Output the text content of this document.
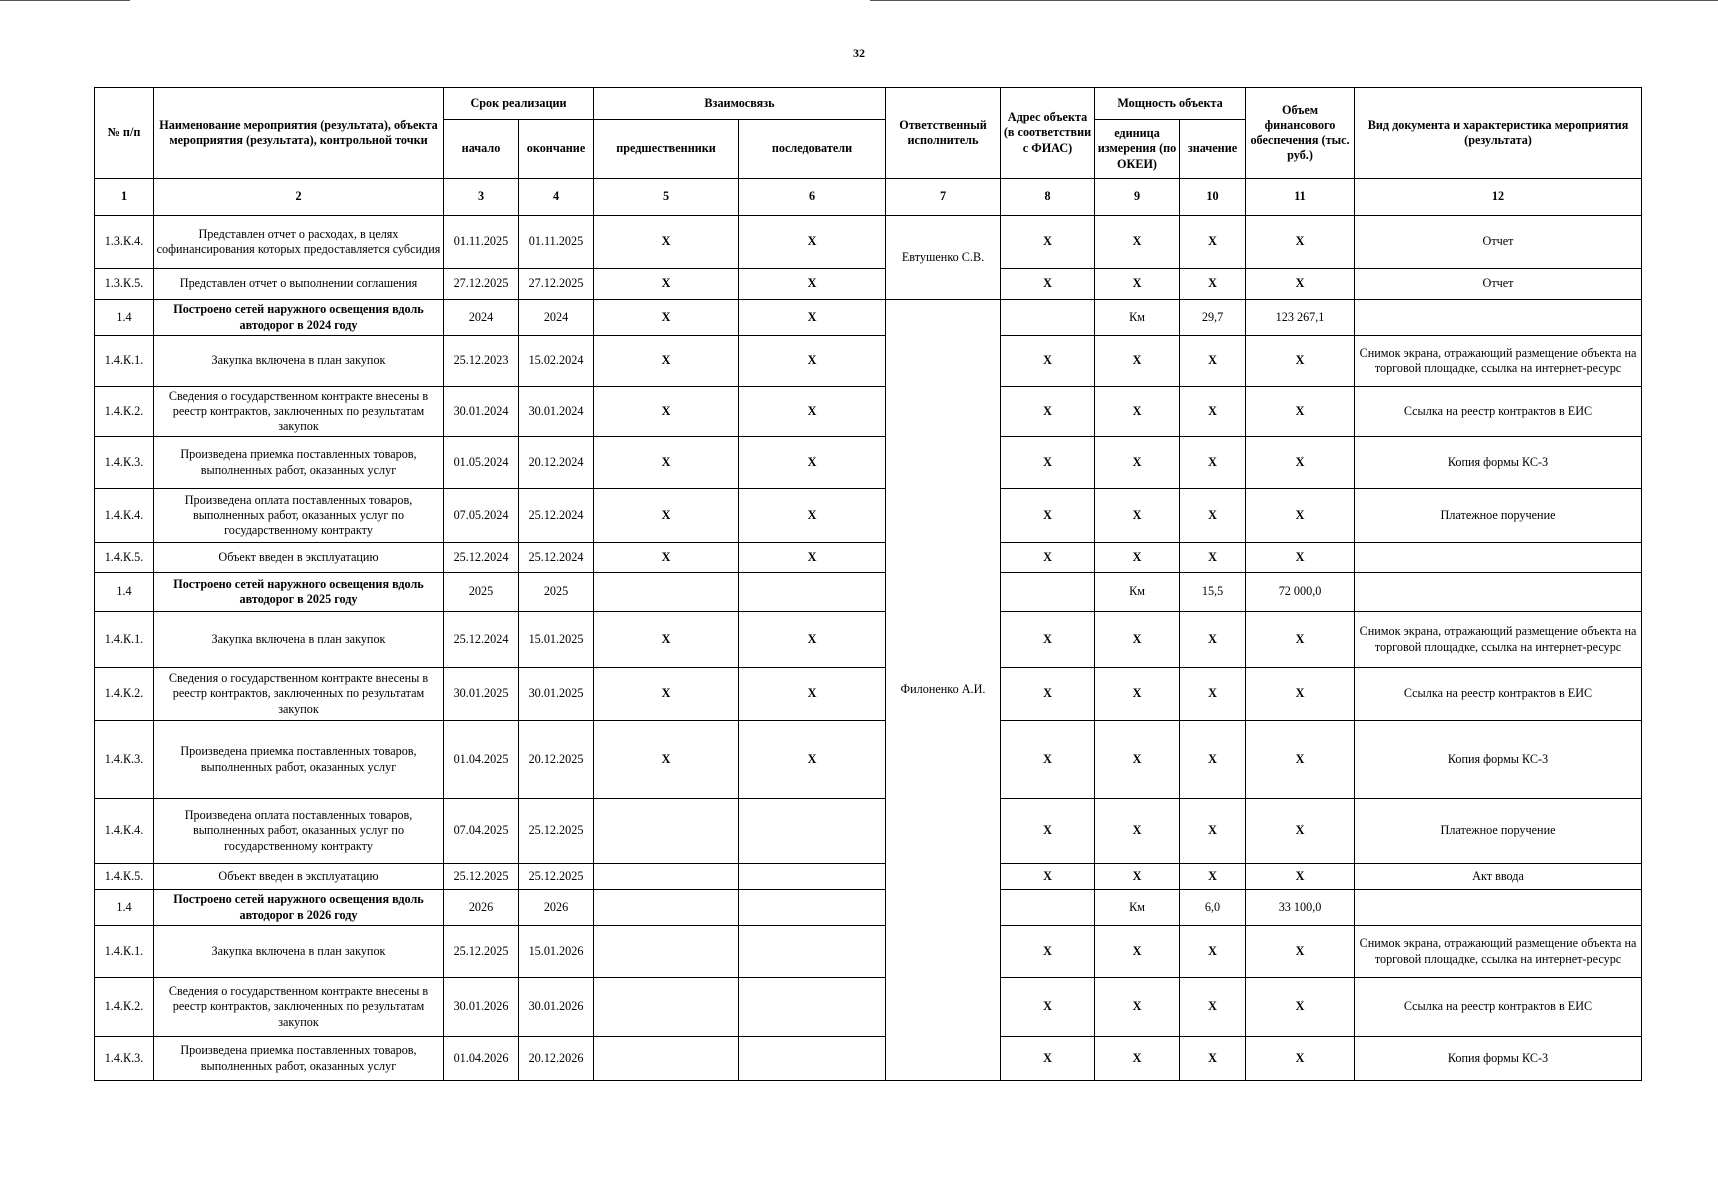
32
№ п/п	Наименование мероприятия (результата), объекта мероприятия (результата), контрольной точки	Срок реализации		Взаимосвязь		Ответственный исполнитель	Адрес объекта (в соответствии с ФИАС)	Мощность объекта		Объем финансового обеспечения (тыс. руб.)	Вид документа и характеристика мероприятия (результата)
		начало	окончание	предшественники	последователи			единица измерения (по ОКЕИ)	значение		
1	2	3	4	5	6	7	8	9	10	11	12
1.3.К.4.	Представлен отчет о расходах, в целях софинансирования которых предоставляется субсидия	01.11.2025	01.11.2025	X	X	Евтушенко С.В.	X	X	X	X	Отчет
1.3.К.5.	Представлен отчет о выполнении соглашения	27.12.2025	27.12.2025	X	X		X	X	X	X	Отчет
1.4	Построено сетей наружного освещения вдоль автодорог в 2024 году	2024	2024	X	X	Филоненко А.И.		Км	29,7	123 267,1	
1.4.К.1.	Закупка включена в план закупок	25.12.2023	15.02.2024	X	X		X	X	X	X	Снимок экрана, отражающий размещение объекта на торговой площадке, ссылка на интернет-ресурс
1.4.К.2.	Сведения о государственном контракте внесены в реестр контрактов, заключенных по результатам закупок	30.01.2024	30.01.2024	X	X		X	X	X	X	Ссылка на реестр контрактов в ЕИС
1.4.К.3.	Произведена приемка поставленных товаров, выполненных работ, оказанных услуг	01.05.2024	20.12.2024	X	X		X	X	X	X	Копия формы КС-3
1.4.К.4.	Произведена оплата поставленных товаров, выполненных работ, оказанных услуг по государственному контракту	07.05.2024	25.12.2024	X	X		X	X	X	X	Платежное поручение
1.4.К.5.	Объект введен в эксплуатацию	25.12.2024	25.12.2024	X	X		X	X	X	X	
1.4	Построено сетей наружного освещения вдоль автодорог в 2025 году	2025	2025					Км	15,5	72 000,0	
1.4.К.1.	Закупка включена в план закупок	25.12.2024	15.01.2025	X	X		X	X	X	X	Снимок экрана, отражающий размещение объекта на торговой площадке, ссылка на интернет-ресурс
1.4.К.2.	Сведения о государственном контракте внесены в реестр контрактов, заключенных по результатам закупок	30.01.2025	30.01.2025	X	X		X	X	X	X	Ссылка на реестр контрактов в ЕИС
1.4.К.3.	Произведена приемка поставленных товаров, выполненных работ, оказанных услуг	01.04.2025	20.12.2025	X	X		X	X	X	X	Копия формы КС-3
1.4.К.4.	Произведена оплата поставленных товаров, выполненных работ, оказанных услуг по государственному контракту	07.04.2025	25.12.2025				X	X	X	X	Платежное поручение
1.4.К.5.	Объект введен в эксплуатацию	25.12.2025	25.12.2025				X	X	X	X	Акт ввода
1.4	Построено сетей наружного освещения вдоль автодорог в 2026 году	2026	2026					Км	6,0	33 100,0	
1.4.К.1.	Закупка включена в план закупок	25.12.2025	15.01.2026				X	X	X	X	Снимок экрана, отражающий размещение объекта на торговой площадке, ссылка на интернет-ресурс
1.4.К.2.	Сведения о государственном контракте внесены в реестр контрактов, заключенных по результатам закупок	30.01.2026	30.01.2026				X	X	X	X	Ссылка на реестр контрактов в ЕИС
1.4.К.3.	Произведена приемка поставленных товаров, выполненных работ, оказанных услуг	01.04.2026	20.12.2026				X	X	X	X	Копия формы КС-3
